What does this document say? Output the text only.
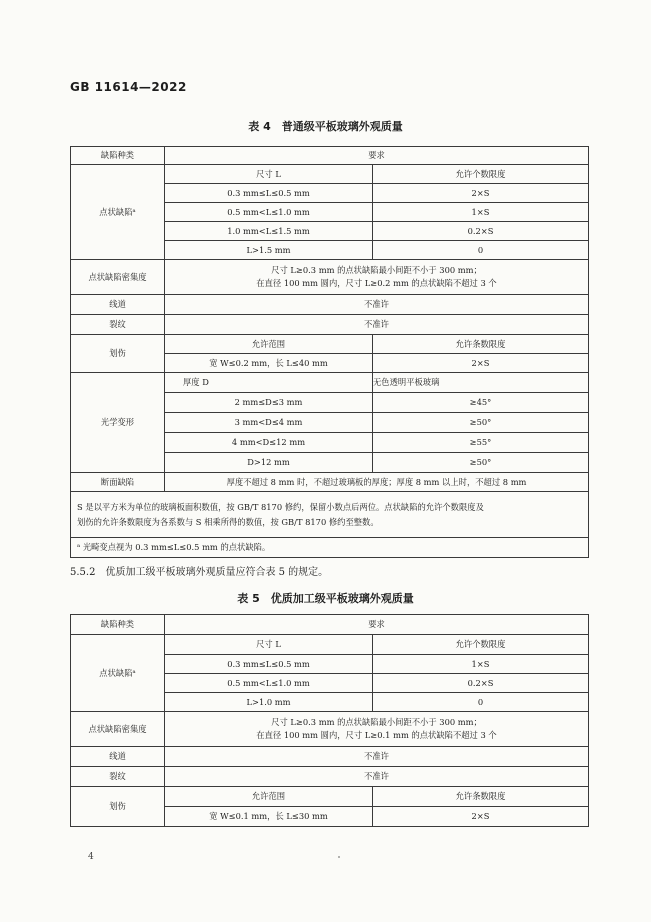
GB 11614—2022
表 4　普通级平板玻璃外观质量
缺陷种类	要求	
点状缺陷ᵃ	尺寸 L	允许个数限度
	0.3 mm≤L≤0.5 mm	2×S
	0.5 mm<L≤1.0 mm	1×S
	1.0 mm<L≤1.5 mm	0.2×S
	L>1.5 mm	0
点状缺陷密集度	尺寸 L≥0.3 mm 的点状缺陷最小间距不小于 300 mm；
在直径 100 mm 圆内，尺寸 L≥0.2 mm 的点状缺陷不超过 3 个	

线道	不准许	
裂纹	不准许	
划伤	允许范围	允许条数限度
	宽 W≤0.2 mm，长 L≤40 mm	2×S
光学变形	厚度 D	无色透明平板玻璃
	2 mm≤D≤3 mm	≥45°
	3 mm<D≤4 mm	≥50°
	4 mm<D≤12 mm	≥55°
	D>12 mm	≥50°
断面缺陷	厚度不超过 8 mm 时，不超过玻璃板的厚度；厚度 8 mm 以上时，不超过 8 mm	

S 是以平方米为单位的玻璃板面积数值，按 GB/T 8170 修约，保留小数点后两位。点状缺陷的允许个数限度及

划伤的允许条数限度为各系数与 S 相乘所得的数值，按 GB/T 8170 修约至整数。		

ᵃ 光畸变点视为 0.3 mm≤L≤0.5 mm 的点状缺陷。		
5.5.2　优质加工级平板玻璃外观质量应符合表 5 的规定。
表 5　优质加工级平板玻璃外观质量
缺陷种类	要求	
点状缺陷ᵃ	尺寸 L	允许个数限度
	0.3 mm≤L≤0.5 mm	1×S
	0.5 mm<L≤1.0 mm	0.2×S
	L>1.0 mm	0
点状缺陷密集度	尺寸 L≥0.3 mm 的点状缺陷最小间距不小于 300 mm；
在直径 100 mm 圆内，尺寸 L≥0.1 mm 的点状缺陷不超过 3 个	

线道	不准许	
裂纹	不准许	
划伤	允许范围	允许条数限度
	宽 W≤0.1 mm，长 L≤30 mm	2×S
4
